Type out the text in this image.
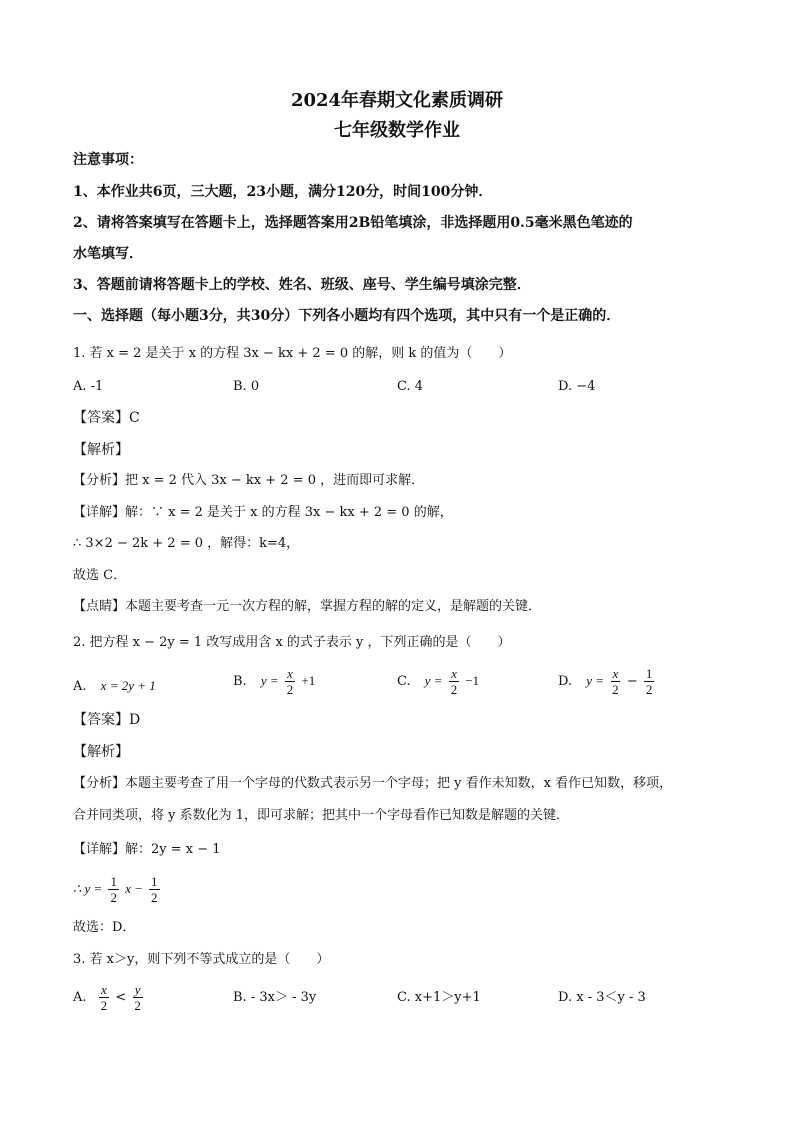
2024年春期文化素质调研
七年级数学作业
注意事项：
1、本作业共6页，三大题，23小题，满分120分，时间100分钟．
2、请将答案填写在答题卡上，选择题答案用2B铅笔填涂，非选择题用0.5毫米黑色笔迹的
水笔填写．
3、答题前请将答题卡上的学校、姓名、班级、座号、学生编号填涂完整．
一、选择题（每小题3分，共30分）下列各小题均有四个选项，其中只有一个是正确的．
1. 若 x = 2 是关于 x 的方程 3x − kx + 2 = 0 的解，则 k 的值为（　　）
A. -1	B. 0	C. 4	D. −4
【答案】C
【解析】
【分析】把 x = 2 代入 3x − kx + 2 = 0 ，进而即可求解．
【详解】解：∵ x = 2 是关于 x 的方程 3x − kx + 2 = 0 的解，
∴ 3×2 − 2k + 2 = 0 ，解得：k=4，
故选 C．
【点睛】本题主要考查一元一次方程的解，掌握方程的解的定义，是解题的关键．
2. 把方程 x − 2y = 1 改写成用含 x 的式子表示 y ，下列正确的是（　　）
A. x = 2y + 1	B. $y = \frac{x}{2} +1$	C. $y = \frac{x}{2} -1$	D. $y = \frac{x}{2} - \frac{1}{2}$
【答案】D
【解析】
【分析】本题主要考查了用一个字母的代数式表示另一个字母；把 y 看作未知数，x 看作已知数，移项，
合并同类项，将 y 系数化为 1，即可求解；把其中一个字母看作已知数是解题的关键．
【详解】解：2y = x − 1
∴ $y = \frac{1}{2}$ $x - \frac{1}{2}$
故选：D．
3. 若 x＞y，则下列不等式成立的是（　　）
A. $\frac{x}{2} < \frac{y}{2}$	B. - 3x＞ - 3y	C. x+1＞y+1	D. x - 3＜y - 3
